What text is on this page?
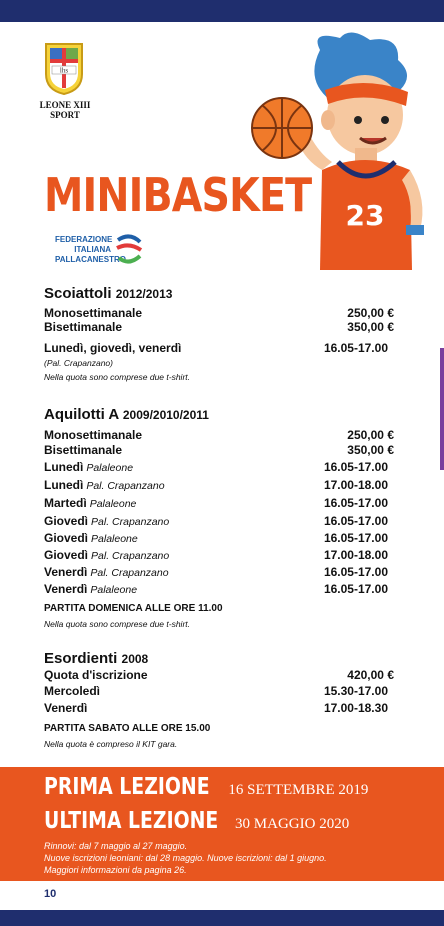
lhs
LEONE XIII
SPORT
23
MINIBASKET
FEDERAZIONE
ITALIANA
PALLACANESTRO
Scoiattoli 2012/2013
Monosettimanale	250,00 €
Bisettimanale	350,00 €
Lunedì, giovedì, venerdì	16.05-17.00
(Pal. Crapanzano)
Nella quota sono comprese due t-shirt.
Aquilotti A 2009/2010/2011
Monosettimanale	250,00 €
Bisettimanale	350,00 €
Lunedì Palaleone	16.05-17.00
Lunedì Pal. Crapanzano	17.00-18.00
Martedì Palaleone	16.05-17.00
Giovedì Pal. Crapanzano	16.05-17.00
Giovedì Palaleone	16.05-17.00
Giovedì Pal. Crapanzano	17.00-18.00
Venerdì Pal. Crapanzano	16.05-17.00
Venerdì Palaleone	16.05-17.00
PARTITA DOMENICA ALLE ORE 11.00
Nella quota sono comprese due t-shirt.
Esordienti 2008
Quota d'iscrizione	420,00 €
Mercoledì	15.30-17.00
Venerdì	17.00-18.30
PARTITA SABATO ALLE ORE 15.00
Nella quota è compreso il KIT gara.
PRIMA LEZIONE 16 SETTEMBRE 2019
ULTIMA LEZIONE 30 MAGGIO 2020
Rinnovi: dal 7 maggio al 27 maggio.
Nuove iscrizioni leoniani: dal 28 maggio. Nuove iscrizioni: dal 1 giugno.
Maggiori informazioni da pagina 26.
10
